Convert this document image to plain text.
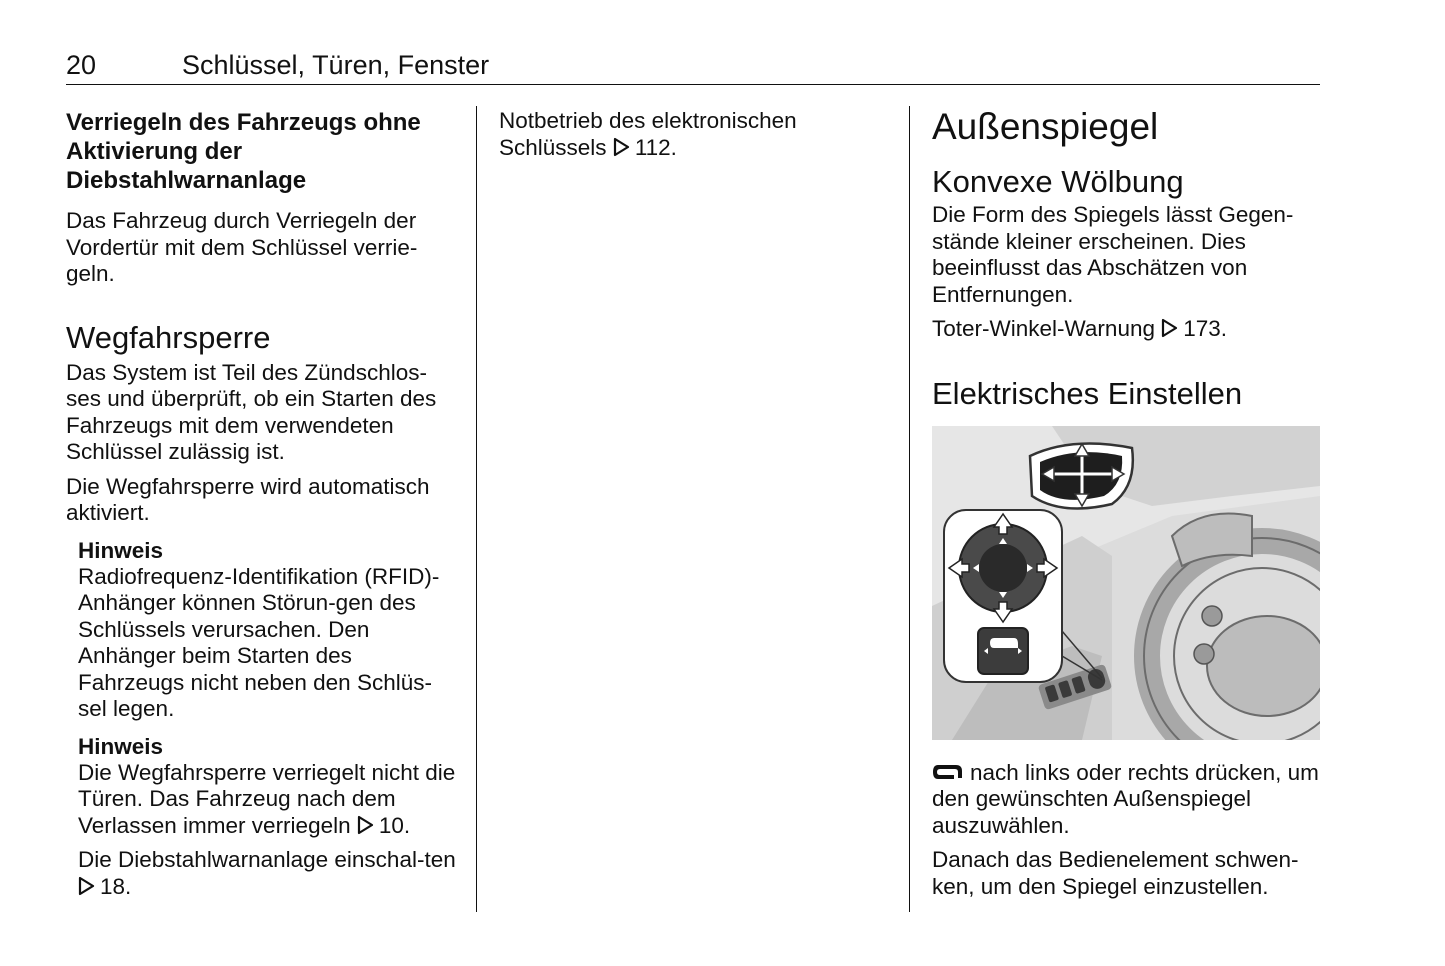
20	Schlüssel, Türen, Fenster

Verriegeln des Fahrzeugs ohne Aktivierung der Diebstahlwarnanlage

Das Fahrzeug durch Verriegeln der Vordertür mit dem Schlüssel verrie-geln.

Wegfahrsperre

Das System ist Teil des Zündschlos-ses und überprüft, ob ein Starten des Fahrzeugs mit dem verwendeten Schlüssel zulässig ist.

Die Wegfahrsperre wird automatisch aktiviert.

Hinweis

Radiofrequenz-Identifikation (RFID)-Anhänger können Störun-gen des Schlüssels verursachen. Den Anhänger beim Starten des Fahrzeugs nicht neben den Schlüs-sel legen.

Hinweis

Die Wegfahrsperre verriegelt nicht die Türen. Das Fahrzeug nach dem Verlassen immer verriegeln 10.

Die Diebstahlwarnanlage einschal-ten 18.

Notbetrieb des elektronischen Schlüssels 112.	Außenspiegel

Konvexe Wölbung

Die Form des Spiegels lässt Gegen-stände kleiner erscheinen. Dies beeinflusst das Abschätzen von Entfernungen.

Toter-Winkel-Warnung 173.

Elektrisches Einstellen

nach links oder rechts drücken, um den gewünschten Außenspiegel auszuwählen.

Danach das Bedienelement schwen-ken, um den Spiegel einzustellen.
